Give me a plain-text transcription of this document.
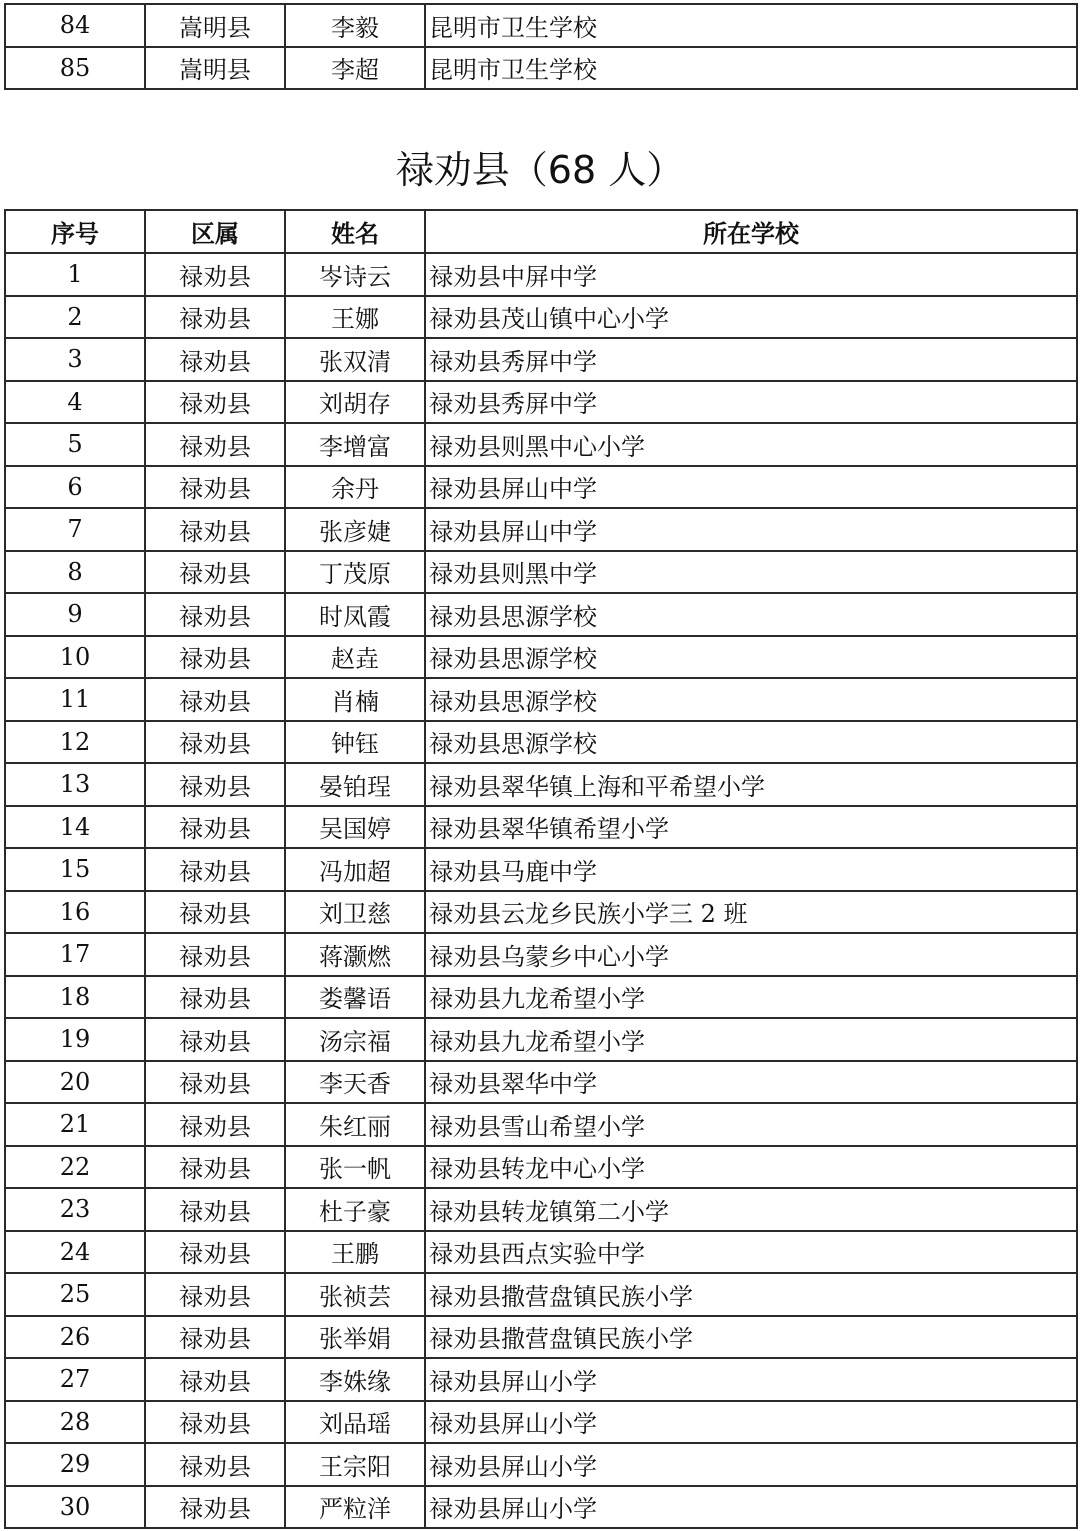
84	嵩明县	李毅	昆明市卫生学校
85	嵩明县	李超	昆明市卫生学校
禄劝县（68 人）
序号	区属	姓名	所在学校
1	禄劝县	岑诗云	禄劝县中屏中学
2	禄劝县	王娜	禄劝县茂山镇中心小学
3	禄劝县	张双清	禄劝县秀屏中学
4	禄劝县	刘胡存	禄劝县秀屏中学
5	禄劝县	李增富	禄劝县则黑中心小学
6	禄劝县	余丹	禄劝县屏山中学
7	禄劝县	张彦婕	禄劝县屏山中学
8	禄劝县	丁茂原	禄劝县则黑中学
9	禄劝县	时凤霞	禄劝县思源学校
10	禄劝县	赵垚	禄劝县思源学校
11	禄劝县	肖楠	禄劝县思源学校
12	禄劝县	钟钰	禄劝县思源学校
13	禄劝县	晏铂珵	禄劝县翠华镇上海和平希望小学
14	禄劝县	吴国婷	禄劝县翠华镇希望小学
15	禄劝县	冯加超	禄劝县马鹿中学
16	禄劝县	刘卫慈	禄劝县云龙乡民族小学三 2 班
17	禄劝县	蒋灏燃	禄劝县乌蒙乡中心小学
18	禄劝县	娄馨语	禄劝县九龙希望小学
19	禄劝县	汤宗福	禄劝县九龙希望小学
20	禄劝县	李天香	禄劝县翠华中学
21	禄劝县	朱红丽	禄劝县雪山希望小学
22	禄劝县	张一帆	禄劝县转龙中心小学
23	禄劝县	杜子豪	禄劝县转龙镇第二小学
24	禄劝县	王鹏	禄劝县西点实验中学
25	禄劝县	张祯芸	禄劝县撒营盘镇民族小学
26	禄劝县	张举娟	禄劝县撒营盘镇民族小学
27	禄劝县	李姝缘	禄劝县屏山小学
28	禄劝县	刘品瑶	禄劝县屏山小学
29	禄劝县	王宗阳	禄劝县屏山小学
30	禄劝县	严粒洋	禄劝县屏山小学
